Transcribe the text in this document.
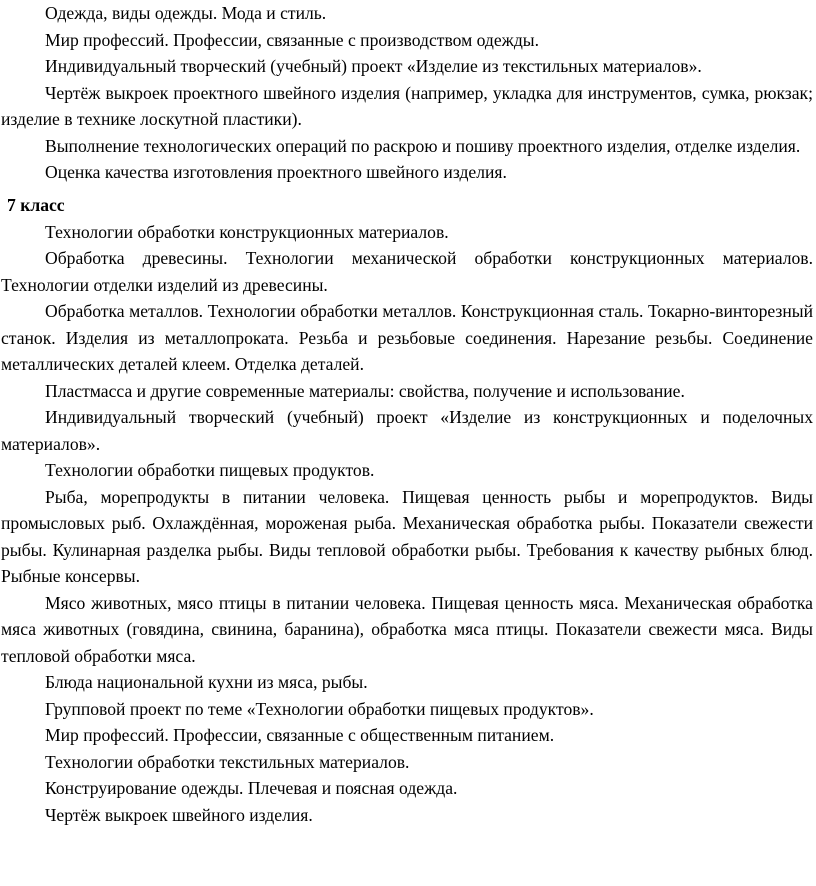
Одежда, виды одежды. Мода и стиль.

Мир профессий. Профессии, связанные с производством одежды.

Индивидуальный творческий (учебный) проект «Изделие из текстильных материалов».

Чертёж выкроек проектного швейного изделия (например, укладка для инструментов, сумка, рюкзак; изделие в технике лоскутной пластики).

Выполнение технологических операций по раскрою и пошиву проектного изделия, отделке изделия.

Оценка качества изготовления проектного швейного изделия.

7 класс

Технологии обработки конструкционных материалов.

Обработка древесины. Технологии механической обработки конструкционных материалов. Технологии отделки изделий из древесины.

Обработка металлов. Технологии обработки металлов. Конструкционная сталь. Токарно-винторезный станок. Изделия из металлопроката. Резьба и резьбовые соединения. Нарезание резьбы. Соединение металлических деталей клеем. Отделка деталей.

Пластмасса и другие современные материалы: свойства, получение и использование.

Индивидуальный творческий (учебный) проект «Изделие из конструкционных и поделочных материалов».

Технологии обработки пищевых продуктов.

Рыба, морепродукты в питании человека. Пищевая ценность рыбы и морепродуктов. Виды промысловых рыб. Охлаждённая, мороженая рыба. Механическая обработка рыбы. Показатели свежести рыбы. Кулинарная разделка рыбы. Виды тепловой обработки рыбы. Требования к качеству рыбных блюд. Рыбные консервы.

Мясо животных, мясо птицы в питании человека. Пищевая ценность мяса. Механическая обработка мяса животных (говядина, свинина, баранина), обработка мяса птицы. Показатели свежести мяса. Виды тепловой обработки мяса.

Блюда национальной кухни из мяса, рыбы.

Групповой проект по теме «Технологии обработки пищевых продуктов».

Мир профессий. Профессии, связанные с общественным питанием.

Технологии обработки текстильных материалов.

Конструирование одежды. Плечевая и поясная одежда.

Чертёж выкроек швейного изделия.
